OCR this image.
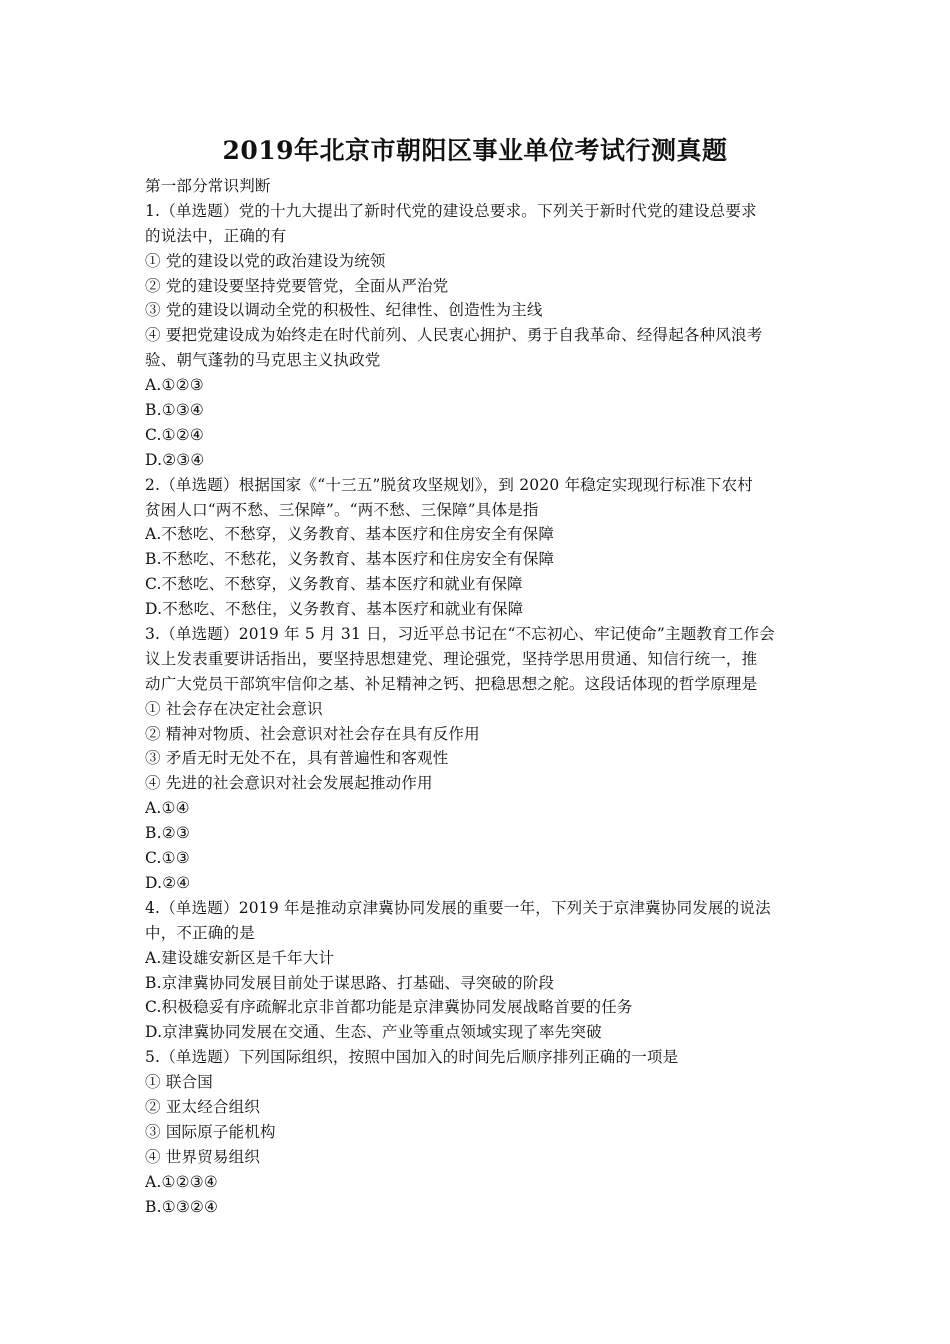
2019年北京市朝阳区事业单位考试行测真题
第一部分常识判断
1.（单选题）党的十九大提出了新时代党的建设总要求。下列关于新时代党的建设总要求
的说法中，正确的有
① 党的建设以党的政治建设为统领
② 党的建设要坚持党要管党，全面从严治党
③ 党的建设以调动全党的积极性、纪律性、创造性为主线
④ 要把党建设成为始终走在时代前列、人民衷心拥护、勇于自我革命、经得起各种风浪考
验、朝气蓬勃的马克思主义执政党
A.①②③
B.①③④
C.①②④
D.②③④
2.（单选题）根据国家《“十三五”脱贫攻坚规划》，到 2020 年稳定实现现行标准下农村
贫困人口“两不愁、三保障”。“两不愁、三保障”具体是指
A.不愁吃、不愁穿，义务教育、基本医疗和住房安全有保障
B.不愁吃、不愁花，义务教育、基本医疗和住房安全有保障
C.不愁吃、不愁穿，义务教育、基本医疗和就业有保障
D.不愁吃、不愁住，义务教育、基本医疗和就业有保障
3.（单选题）2019 年 5 月 31 日，习近平总书记在“不忘初心、牢记使命”主题教育工作会
议上发表重要讲话指出，要坚持思想建党、理论强党，坚持学思用贯通、知信行统一，推
动广大党员干部筑牢信仰之基、补足精神之钙、把稳思想之舵。这段话体现的哲学原理是
① 社会存在决定社会意识
② 精神对物质、社会意识对社会存在具有反作用
③ 矛盾无时无处不在，具有普遍性和客观性
④ 先进的社会意识对社会发展起推动作用
A.①④
B.②③
C.①③
D.②④
4.（单选题）2019 年是推动京津冀协同发展的重要一年，下列关于京津冀协同发展的说法
中，不正确的是
A.建设雄安新区是千年大计
B.京津冀协同发展目前处于谋思路、打基础、寻突破的阶段
C.积极稳妥有序疏解北京非首都功能是京津冀协同发展战略首要的任务
D.京津冀协同发展在交通、生态、产业等重点领域实现了率先突破
5.（单选题）下列国际组织，按照中国加入的时间先后顺序排列正确的一项是
① 联合国
② 亚太经合组织
③ 国际原子能机构
④ 世界贸易组织
A.①②③④
B.①③②④
